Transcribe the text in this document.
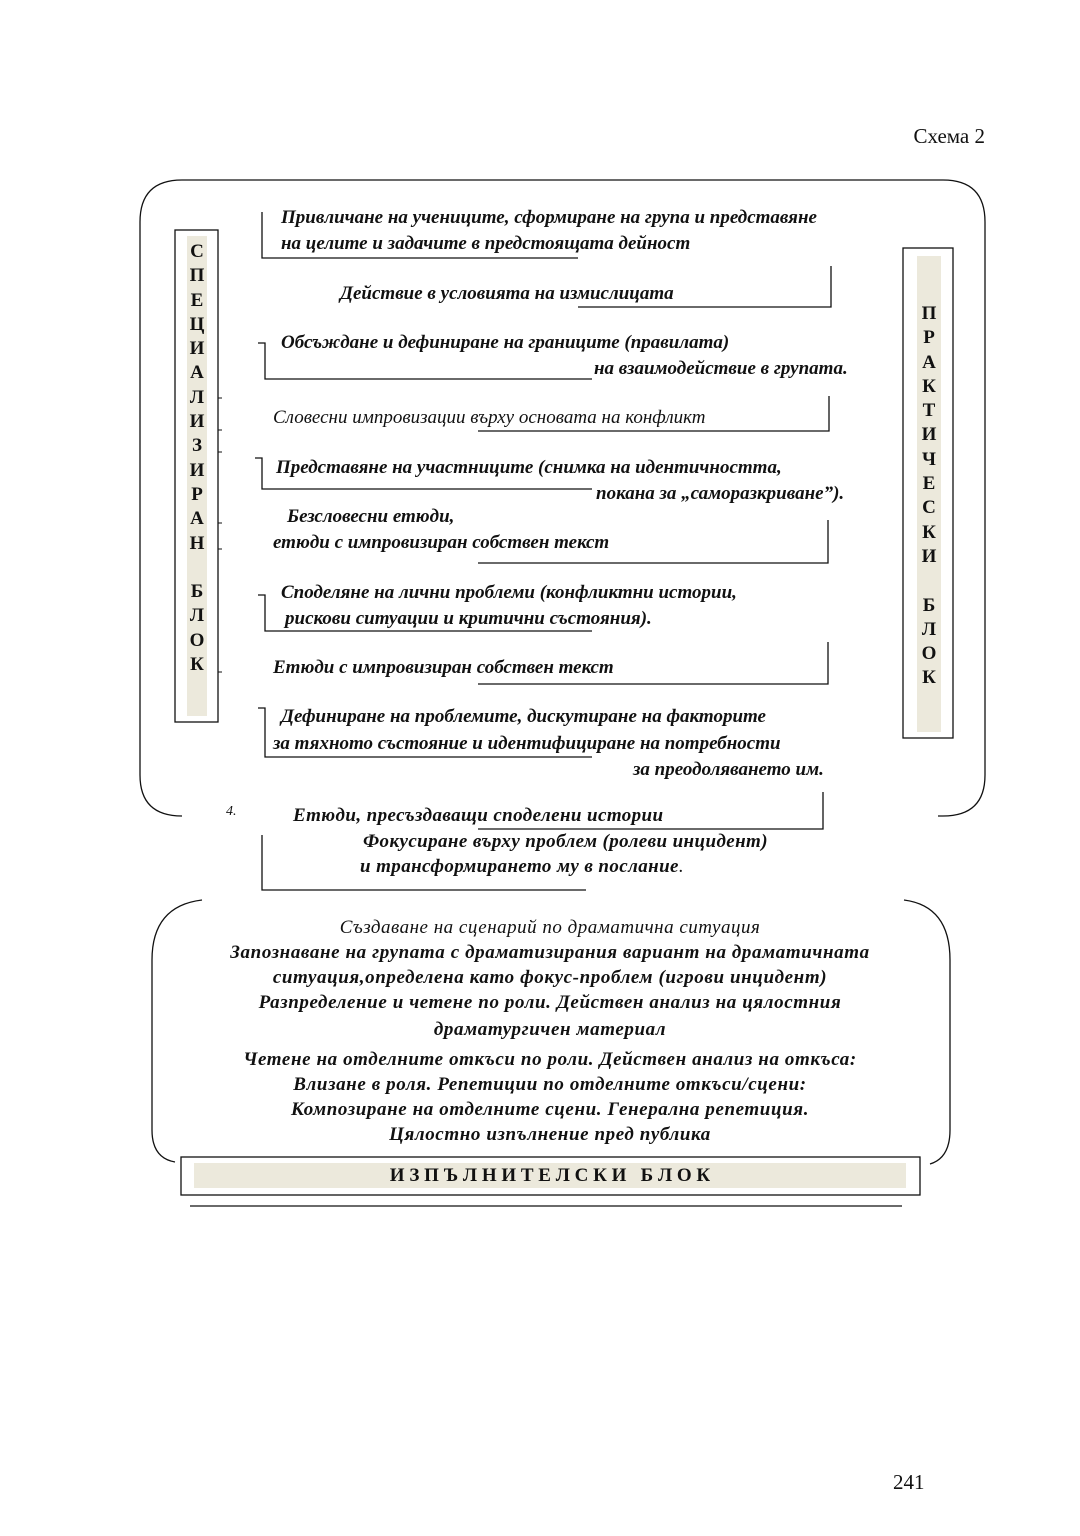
Схема 2
С
П
Е
Ц
И
А
Л
И
З
И
Р
А
Н
Б
Л
О
К
П
Р
А
К
Т
И
Ч
Е
С
К
И
Б
Л
О
К
Привличане на учениците, сформиране на група и представяне
на целите и задачите в предстоящата дейност
Действие в условията на измислицата
Обсъждане и дефиниране на границите (правилата)
на взаимодействие в групата.
Словесни импровизации върху основата на конфликт
Представяне на участниците (снимка на идентичността,
покана за „саморазкриване”).
Безсловесни етюди,
етюди с импровизиран собствен текст
Споделяне на лични проблеми (конфликтни истории,
рискови ситуации и критични състояния).
Етюди с импровизиран собствен текст
Дефиниране на проблемите, дискутиране на факторите
за тяхното състояние и идентифициране на потребности
за преодоляването им.
4.	Етюди, пресъздаващи споделени истории
Фокусиране върху проблем (ролеви инцидент)
и трансформирането му в послание.
Създаване на сценарий по драматична ситуация
Запознаване на групата с драматизирания вариант на драматичната
ситуация,определена като фокус-проблем (игрови инцидент)
Разпределение и четене по роли. Действен анализ на цялостния
драматургичен материал
Четене на отделните откъси по роли. Действен анализ на откъса:
Влизане в роля. Репетиции по отделните откъси/сцени:
Композиране на отделните сцени. Генерална репетиция.
Цялостно изпълнение пред публика
И З П Ъ Л Н И Т Е Л С К И   Б Л О К
241
